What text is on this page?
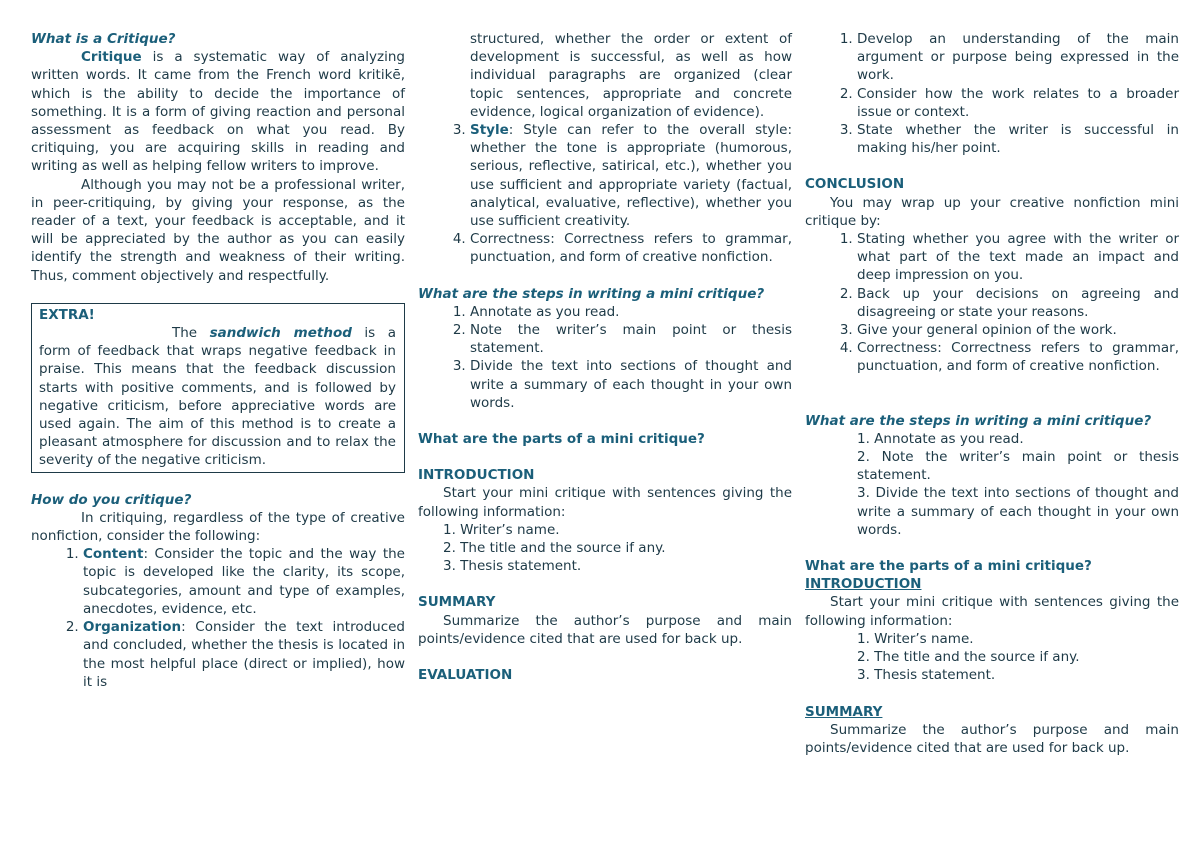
What is a Critique?

Critique is a systematic way of analyzing written words. It came from the French word kritikē, which is the ability to decide the importance of something. It is a form of giving reaction and personal assessment as feedback on what you read. By critiquing, you are acquiring skills in reading and writing as well as helping fellow writers to improve.

Although you may not be a professional writer, in peer-critiquing, by giving your response, as the reader of a text, your feedback is acceptable, and it will be appreciated by the author as you can easily identify the strength and weakness of their writing. Thus, comment objectively and respectfully.

EXTRA!

The sandwich method is a form of feedback that wraps negative feedback in praise. This means that the feedback discussion starts with positive comments, and is followed by negative criticism, before appreciative words are used again. The aim of this method is to create a pleasant atmosphere for discussion and to relax the severity of the negative criticism.

How do you critique?

In critiquing, regardless of the type of creative nonfiction, consider the following:

1. Content: Consider the topic and the way the topic is developed like the clarity, its scope, subcategories, amount and type of examples, anecdotes, evidence, etc.
2. Organization: Consider the text introduced and concluded, whether the thesis is located in the most helpful place (direct or implied), how it is

structured, whether the order or extent of development is successful, as well as how individual paragraphs are organized (clear topic sentences, appropriate and concrete evidence, logical organization of evidence).

3. Style: Style can refer to the overall style: whether the tone is appropriate (humorous, serious, reflective, satirical, etc.), whether you use sufficient and appropriate variety (factual, analytical, evaluative, reflective), whether you use sufficient creativity.
4. Correctness: Correctness refers to grammar, punctuation, and form of creative nonfiction.

What are the steps in writing a mini critique?

1. Annotate as you read.
2. Note the writer’s main point or thesis statement.
3. Divide the text into sections of thought and write a summary of each thought in your own words.

What are the parts of a mini critique?

INTRODUCTION

Start your mini critique with sentences giving the following information:

1. Writer’s name.
2. The title and the source if any.
3. Thesis statement.

SUMMARY

Summarize the author’s purpose and main points/evidence cited that are used for back up.

EVALUATION

1. Develop an understanding of the main argument or purpose being expressed in the work.
2. Consider how the work relates to a broader issue or context.
3. State whether the writer is successful in making his/her point.

CONCLUSION

You may wrap up your creative nonfiction mini critique by:

1. Stating whether you agree with the writer or what part of the text made an impact and deep impression on you.
2. Back up your decisions on agreeing and disagreeing or state your reasons.
3. Give your general opinion of the work.
4. Correctness: Correctness refers to grammar, punctuation, and form of creative nonfiction.

What are the steps in writing a mini critique?

1. Annotate as you read.
2. Note the writer’s main point or thesis statement.
3. Divide the text into sections of thought and write a summary of each thought in your own words.

What are the parts of a mini critique?

INTRODUCTION

Start your mini critique with sentences giving the following information:

1. Writer’s name.
2. The title and the source if any.
3. Thesis statement.

SUMMARY

Summarize the author’s purpose and main points/evidence cited that are used for back up.
